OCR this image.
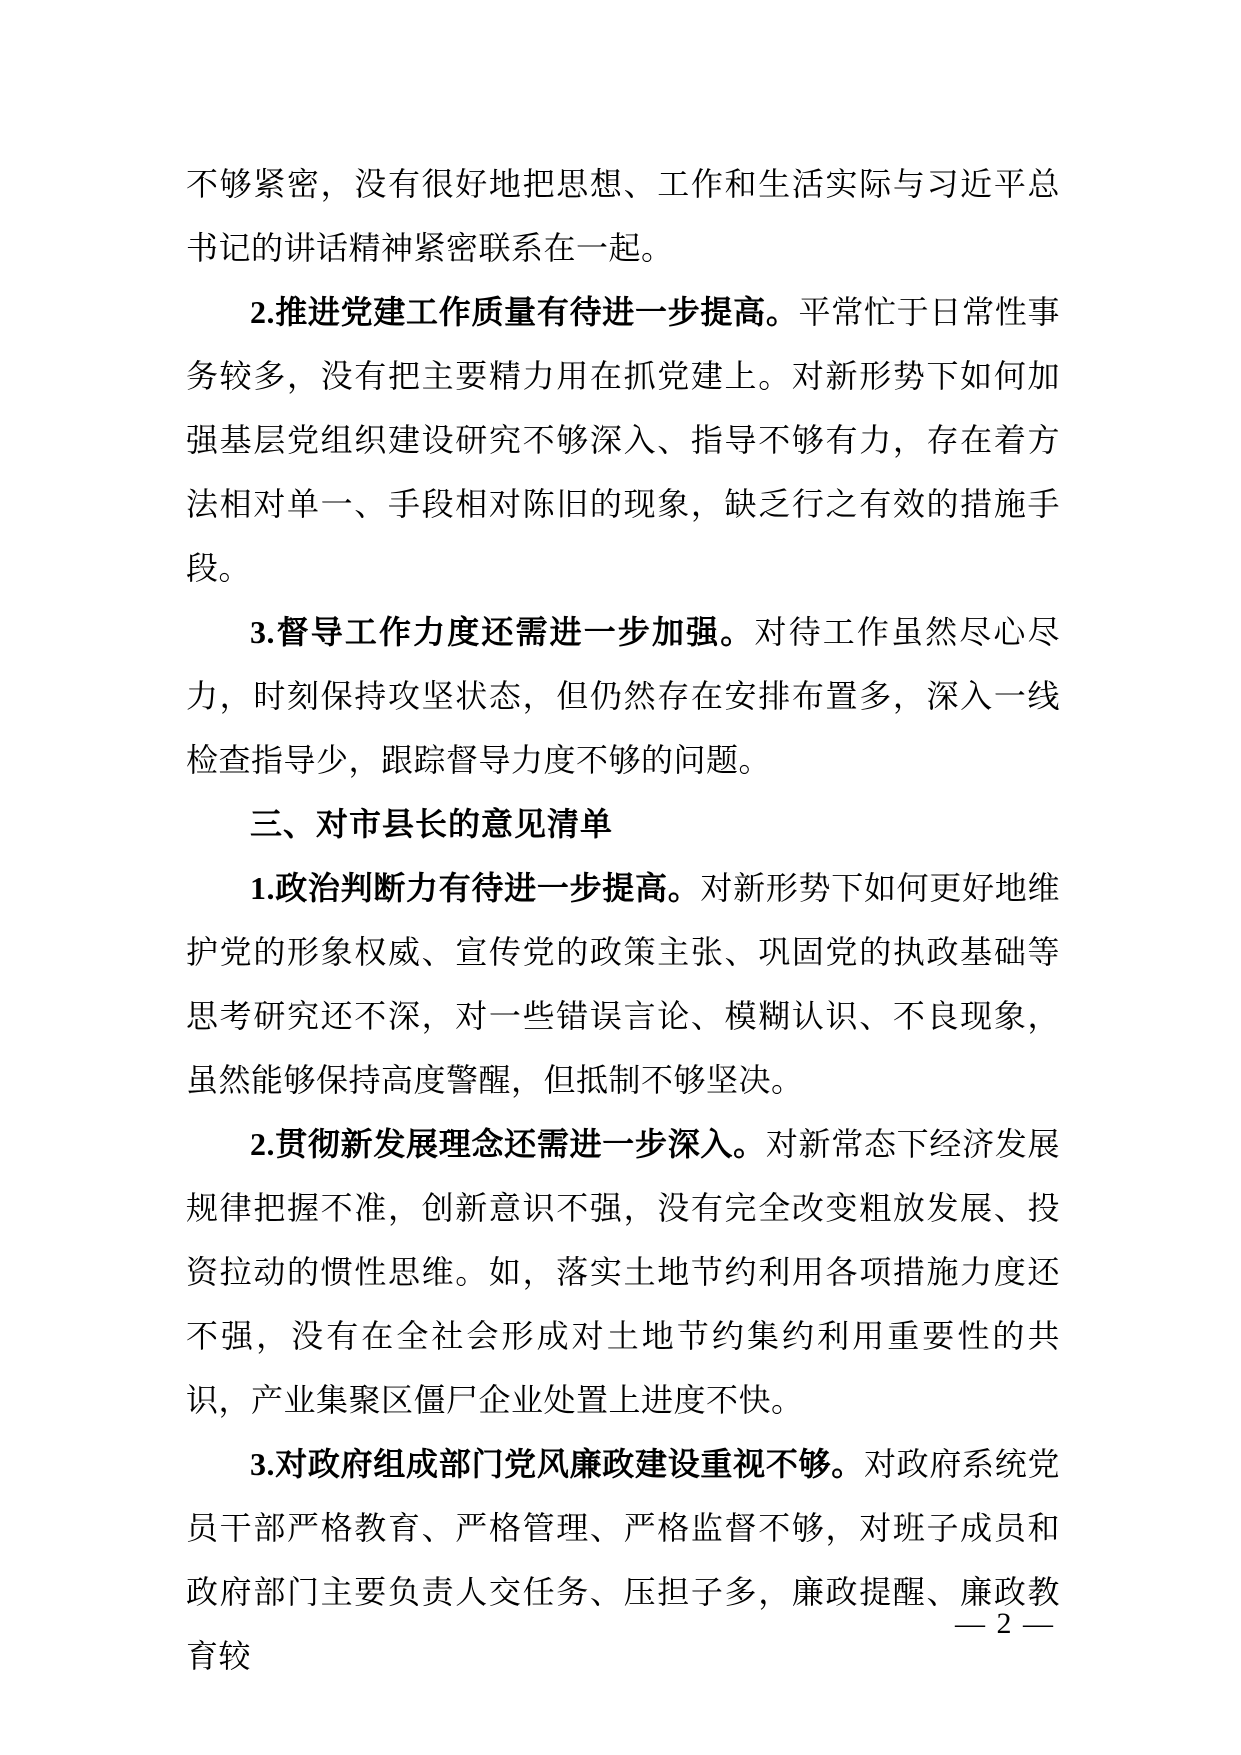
不够紧密，没有很好地把思想、工作和生活实际与习近平总书记的讲话精神紧密联系在一起。

2.推进党建工作质量有待进一步提高。平常忙于日常性事务较多，没有把主要精力用在抓党建上。对新形势下如何加强基层党组织建设研究不够深入、指导不够有力，存在着方法相对单一、手段相对陈旧的现象，缺乏行之有效的措施手段。

3.督导工作力度还需进一步加强。对待工作虽然尽心尽力，时刻保持攻坚状态，但仍然存在安排布置多，深入一线检查指导少，跟踪督导力度不够的问题。

三、对市县长的意见清单

1.政治判断力有待进一步提高。对新形势下如何更好地维护党的形象权威、宣传党的政策主张、巩固党的执政基础等思考研究还不深，对一些错误言论、模糊认识、不良现象，虽然能够保持高度警醒，但抵制不够坚决。

2.贯彻新发展理念还需进一步深入。对新常态下经济发展规律把握不准，创新意识不强，没有完全改变粗放发展、投资拉动的惯性思维。如，落实土地节约利用各项措施力度还不强，没有在全社会形成对土地节约集约利用重要性的共识，产业集聚区僵尸企业处置上进度不快。

3.对政府组成部门党风廉政建设重视不够。对政府系统党员干部严格教育、严格管理、严格监督不够，对班子成员和政府部门主要负责人交任务、压担子多，廉政提醒、廉政教育较

— 2 —
